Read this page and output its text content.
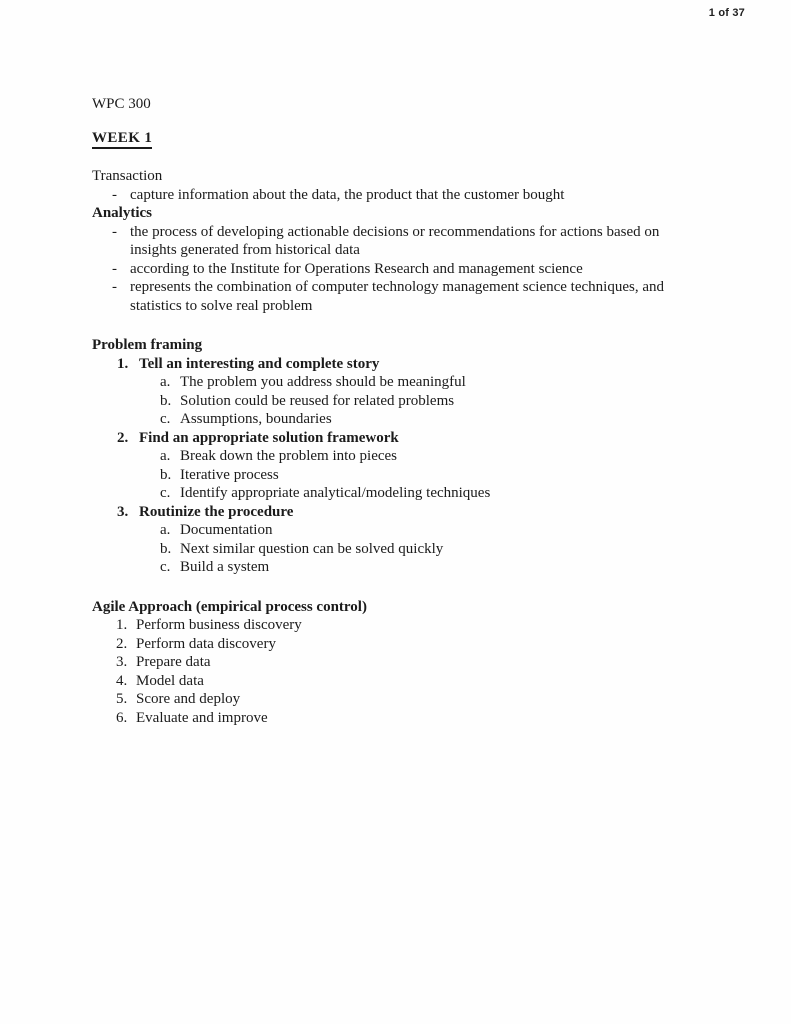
1 of 37

WPC 300

WEEK 1

Transaction

- capture information about the data, the product that the customer bought

Analytics

- the process of developing actionable decisions or recommendations for actions based on insights generated from historical data
- according to the Institute for Operations Research and management science
- represents the combination of computer technology management science techniques, and statistics to solve real problem

Problem framing

1. Tell an interesting and complete story
a. The problem you address should be meaningful
b. Solution could be reused for related problems
c. Assumptions, boundaries
2. Find an appropriate solution framework
a. Break down the problem into pieces
b. Iterative process
c. Identify appropriate analytical/modeling techniques
3. Routinize the procedure
a. Documentation
b. Next similar question can be solved quickly
c. Build a system

Agile Approach (empirical process control)

1. Perform business discovery
2. Perform data discovery
3. Prepare data
4. Model data
5. Score and deploy
6. Evaluate and improve
